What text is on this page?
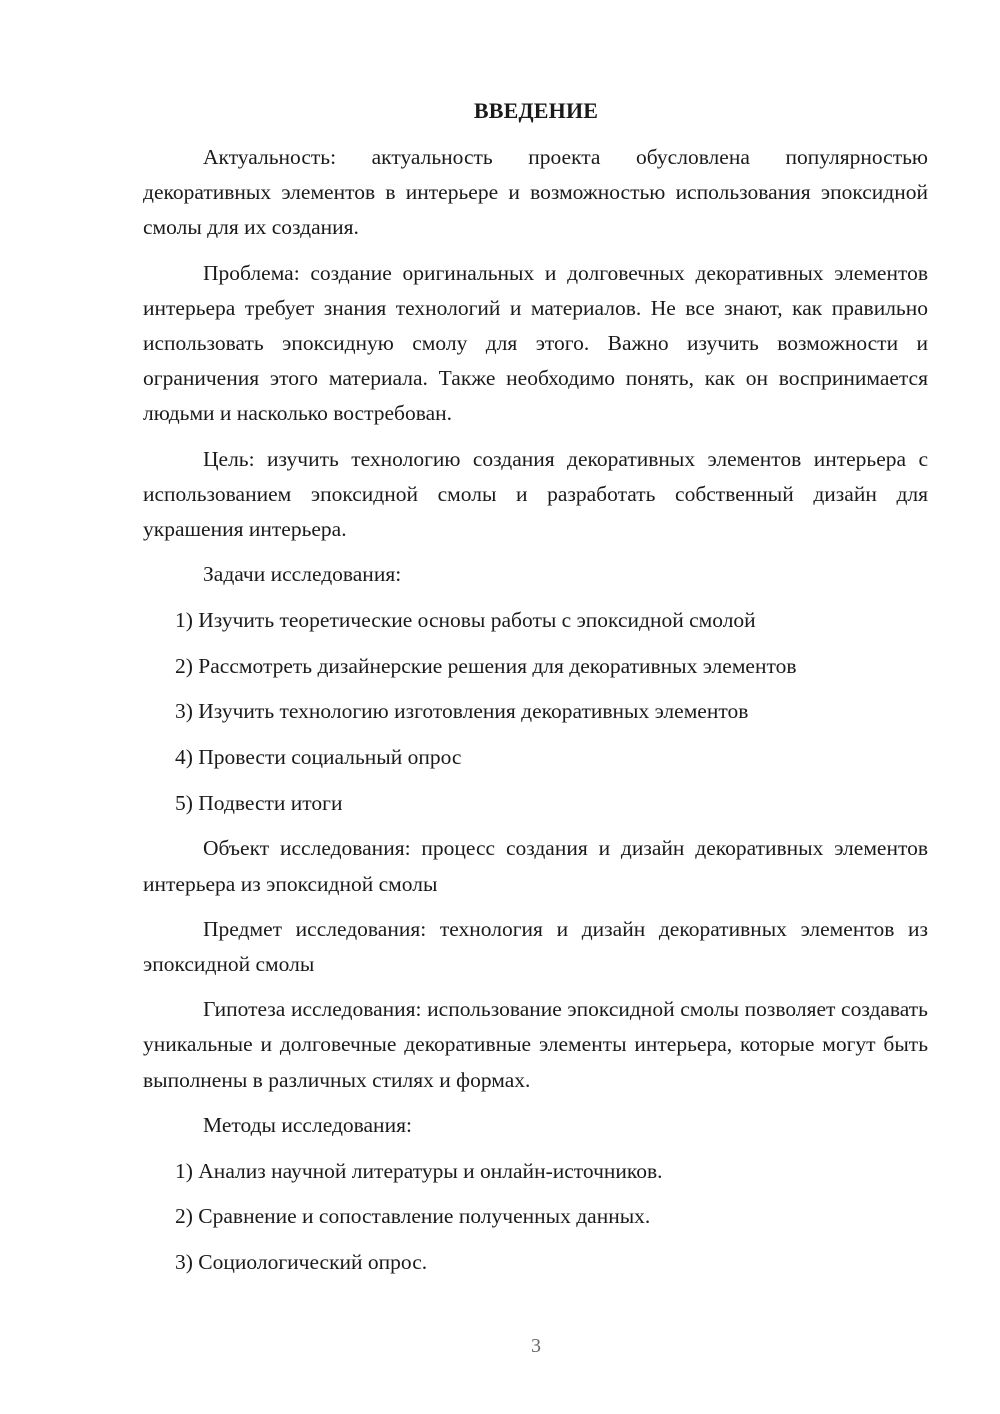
ВВЕДЕНИЕ

Актуальность: актуальность проекта обусловлена популярностью декоративных элементов в интерьере и возможностью использования эпоксидной смолы для их создания.

Проблема: создание оригинальных и долговечных декоративных элементов интерьера требует знания технологий и материалов. Не все знают, как правильно использовать эпоксидную смолу для этого. Важно изучить возможности и ограничения этого материала. Также необходимо понять, как он воспринимается людьми и насколько востребован.

Цель: изучить технологию создания декоративных элементов интерьера с использованием эпоксидной смолы и разработать собственный дизайн для украшения интерьера.

Задачи исследования:

1) Изучить теоретические основы работы с эпоксидной смолой

2) Рассмотреть дизайнерские решения для декоративных элементов

3) Изучить технологию изготовления декоративных элементов

4) Провести социальный опрос

5) Подвести итоги

Объект исследования: процесс создания и дизайн декоративных элементов интерьера из эпоксидной смолы

Предмет исследования: технология и дизайн декоративных элементов из эпоксидной смолы

Гипотеза исследования: использование эпоксидной смолы позволяет создавать уникальные и долговечные декоративные элементы интерьера, которые могут быть выполнены в различных стилях и формах.

Методы исследования:

1) Анализ научной литературы и онлайн-источников.

2) Сравнение и сопоставление полученных данных.

3) Социологический опрос.

3
